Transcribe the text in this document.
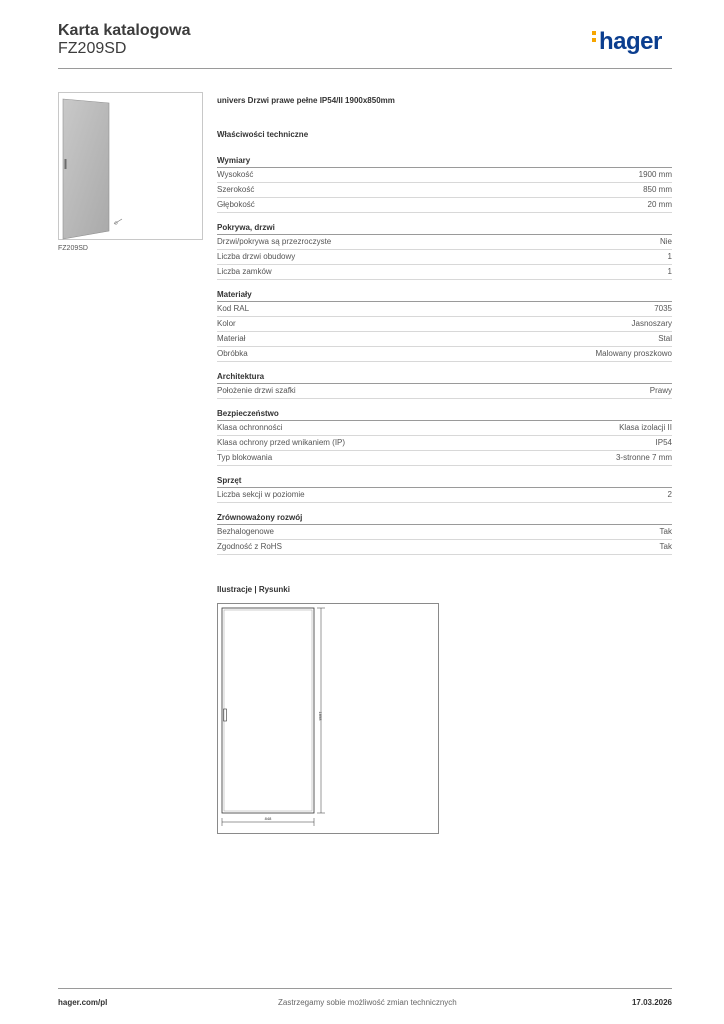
Karta katalogowa
FZ209SD	hager
FZ209SD
univers Drzwi prawe pełne IP54/II 1900x850mm
Właściwości techniczne
Wymiary
Wysokość	1900 mm
Szerokość	850 mm
Głębokość	20 mm
Pokrywa, drzwi
Drzwi/pokrywa są przezroczyste	Nie
Liczba drzwi obudowy	1
Liczba zamków	1
Materiały
Kod RAL	7035
Kolor	Jasnoszary
Materiał	Stal
Obróbka	Malowany proszkowo
Architektura
Położenie drzwi szafki	Prawy
Bezpieczeństwo
Klasa ochronności	Klasa izolacji II
Klasa ochrony przed wnikaniem (IP)	IP54
Typ blokowania	3-stronne 7 mm
Sprzęt
Liczba sekcji w poziomie	2
Zrównoważony rozwój
Bezhalogenowe	Tak
Zgodność z RoHS	Tak
Ilustracje | Rysunki
1898
848
hager.com/pl	Zastrzegamy sobie możliwość zmian technicznych	17.03.2026
